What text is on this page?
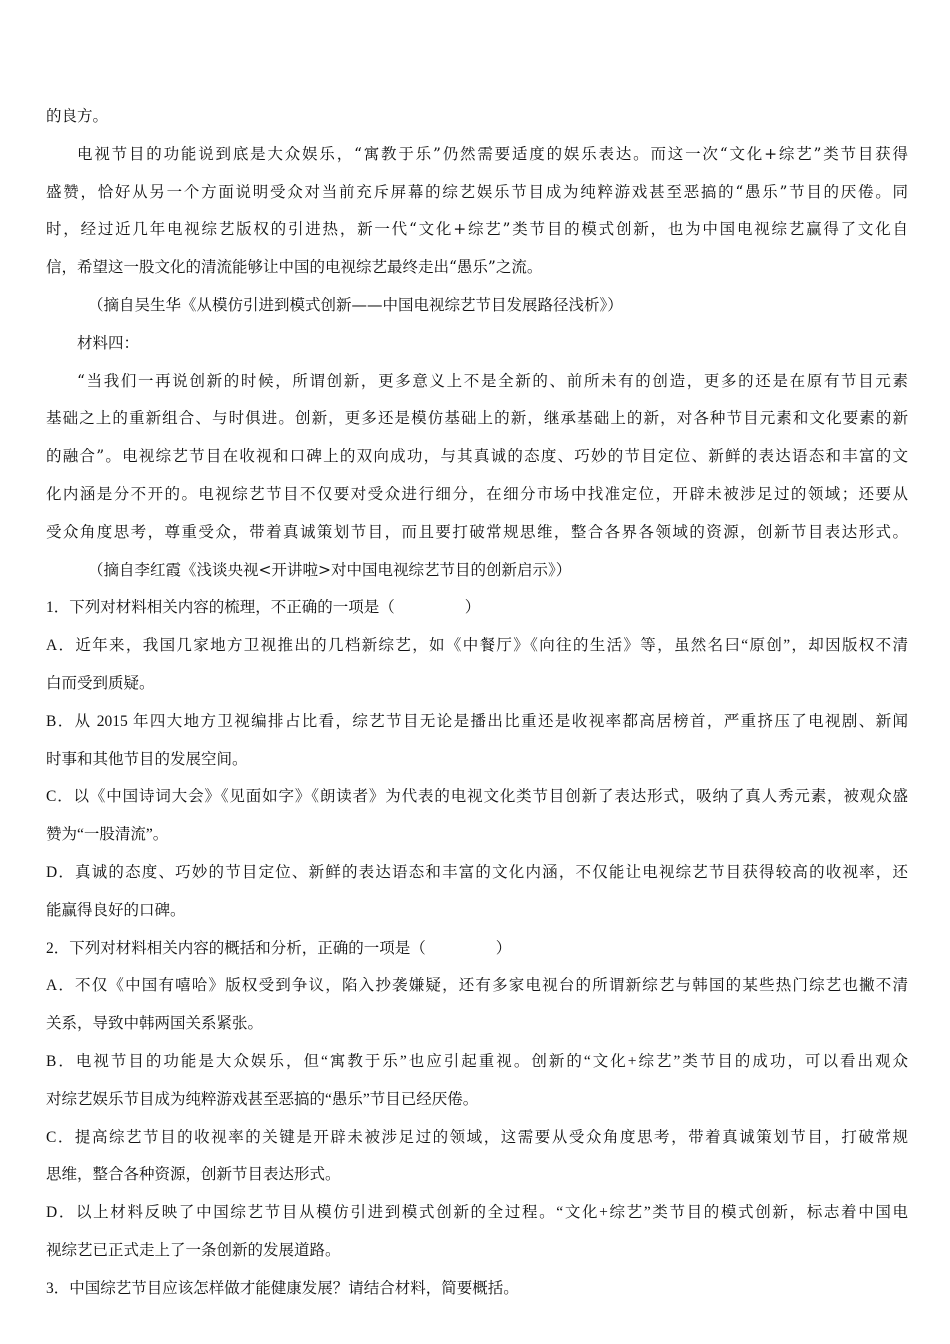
的良方。
电视节目的功能说到底是大众娱乐，“寓教于乐”仍然需要适度的娱乐表达。而这一次“文化+综艺”类节目获得
盛赞，恰好从另一个方面说明受众对当前充斥屏幕的综艺娱乐节目成为纯粹游戏甚至恶搞的“愚乐”节目的厌倦。同
时，经过近几年电视综艺版权的引进热，新一代“文化+综艺”类节目的模式创新，也为中国电视综艺赢得了文化自
信，希望这一股文化的清流能够让中国的电视综艺最终走出“愚乐”之流。
（摘自吴生华《从模仿引进到模式创新——中国电视综艺节目发展路径浅析》）
材料四：
“当我们一再说创新的时候，所谓创新，更多意义上不是全新的、前所未有的创造，更多的还是在原有节目元素
基础之上的重新组合、与时俱进。创新，更多还是模仿基础上的新，继承基础上的新，对各种节目元素和文化要素的新
的融合”。电视综艺节目在收视和口碑上的双向成功，与其真诚的态度、巧妙的节目定位、新鲜的表达语态和丰富的文
化内涵是分不开的。电视综艺节目不仅要对受众进行细分，在细分市场中找准定位，开辟未被涉足过的领域；还要从
受众角度思考，尊重受众，带着真诚策划节目，而且要打破常规思维，整合各界各领域的资源，创新节目表达形式。
（摘自李红霞《浅谈央视<开讲啦>对中国电视综艺节目的创新启示》）
1．下列对材料相关内容的梳理，不正确的一项是（	）
A．近年来，我国几家地方卫视推出的几档新综艺，如《中餐厅》《向往的生活》等，虽然名曰“原创”，却因版权不清
白而受到质疑。
B．从 2015 年四大地方卫视编排占比看，综艺节目无论是播出比重还是收视率都高居榜首，严重挤压了电视剧、新闻
时事和其他节目的发展空间。
C．以《中国诗词大会》《见面如字》《朗读者》为代表的电视文化类节目创新了表达形式，吸纳了真人秀元素，被观众盛
赞为“一股清流”。
D．真诚的态度、巧妙的节目定位、新鲜的表达语态和丰富的文化内涵，不仅能让电视综艺节目获得较高的收视率，还
能赢得良好的口碑。
2．下列对材料相关内容的概括和分析，正确的一项是（	）
A．不仅《中国有嘻哈》版权受到争议，陷入抄袭嫌疑，还有多家电视台的所谓新综艺与韩国的某些热门综艺也撇不清
关系，导致中韩两国关系紧张。
B．电视节目的功能是大众娱乐，但“寓教于乐”也应引起重视。创新的“文化+综艺”类节目的成功，可以看出观众
对综艺娱乐节目成为纯粹游戏甚至恶搞的“愚乐”节目已经厌倦。
C．提高综艺节目的收视率的关键是开辟未被涉足过的领域，这需要从受众角度思考，带着真诚策划节目，打破常规
思维，整合各种资源，创新节目表达形式。
D．以上材料反映了中国综艺节目从模仿引进到模式创新的全过程。“文化+综艺”类节目的模式创新，标志着中国电
视综艺已正式走上了一条创新的发展道路。
3．中国综艺节目应该怎样做才能健康发展？请结合材料，简要概括。
